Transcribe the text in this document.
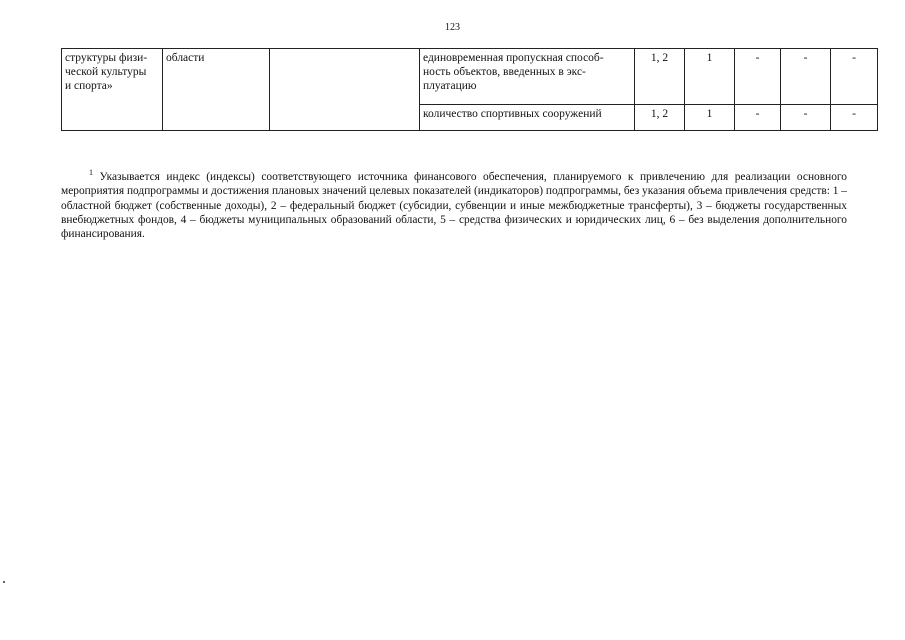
123
структуры физи-
ческой культуры
и спорта»	области		единовременная пропускная способ-
ность объектов, введенных в экс-
плуатацию	1, 2	1	-	-	-
			количество спортивных сооружений	1, 2	1	-	-	-
$^1$ Указывается индекс (индексы) соответствующего источника финансового обеспечения, планируемого к привлечению для реализации основного мероприятия подпрограммы и достижения плановых значений целевых показателей (индикаторов) подпрограммы, без указания объема привлечения средств: 1 – областной бюджет (собственные доходы), 2 – федеральный бюджет (субсидии, субвенции и иные межбюджетные трансферты), 3 – бюджеты государственных внебюджетных фондов, 4 – бюджеты муниципальных образований области, 5 – средства физических и юридических лиц, 6 – без выделения дополнительного финансирования.
